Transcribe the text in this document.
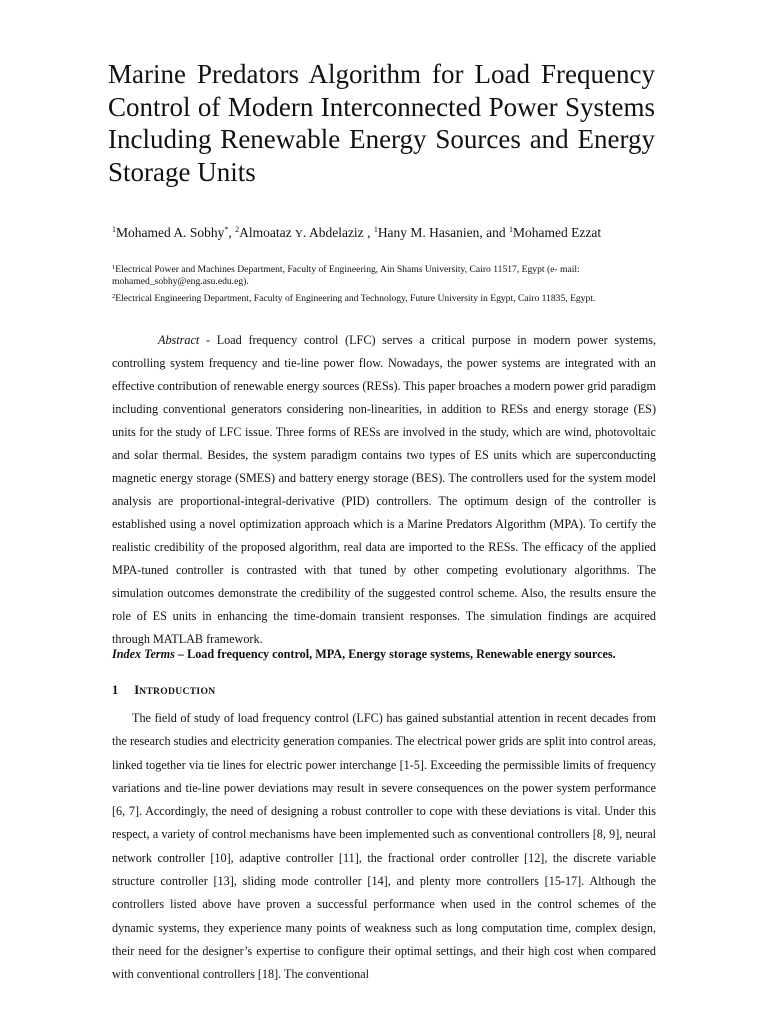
Marine Predators Algorithm for Load Frequency Control of Modern Interconnected Power Systems Including Renewable Energy Sources and Energy Storage Units

$^1$Mohamed A. Sobhy*, $^2$Almoataz Y. Abdelaziz , $^1$Hany M. Hasanien, and $^1$Mohamed Ezzat

$^1$Electrical Power and Machines Department, Faculty of Engineering, Ain Shams University, Cairo 11517, Egypt (e- mail: mohamed_sobhy@eng.asu.edu.eg).

$^2$Electrical Engineering Department, Faculty of Engineering and Technology, Future University in Egypt, Cairo 11835, Egypt.

Abstract - Load frequency control (LFC) serves a critical purpose in modern power systems, controlling system frequency and tie-line power flow. Nowadays, the power systems are integrated with an effective contribution of renewable energy sources (RESs). This paper broaches a modern power grid paradigm including conventional generators considering non-linearities, in addition to RESs and energy storage (ES) units for the study of LFC issue. Three forms of RESs are involved in the study, which are wind, photovoltaic and solar thermal. Besides, the system paradigm contains two types of ES units which are superconducting magnetic energy storage (SMES) and battery energy storage (BES). The controllers used for the system model analysis are proportional-integral-derivative (PID) controllers. The optimum design of the controller is established using a novel optimization approach which is a Marine Predators Algorithm (MPA). To certify the realistic credibility of the proposed algorithm, real data are imported to the RESs. The efficacy of the applied MPA-tuned controller is contrasted with that tuned by other competing evolutionary algorithms. The simulation outcomes demonstrate the credibility of the suggested control scheme. Also, the results ensure the role of ES units in enhancing the time-domain transient responses. The simulation findings are acquired through MATLAB framework.

Index Terms – Load frequency control, MPA, Energy storage systems, Renewable energy sources.

1 INTRODUCTION

The field of study of load frequency control (LFC) has gained substantial attention in recent decades from the research studies and electricity generation companies. The electrical power grids are split into control areas, linked together via tie lines for electric power interchange [1-5]. Exceeding the permissible limits of frequency variations and tie-line power deviations may result in severe consequences on the power system performance [6, 7]. Accordingly, the need of designing a robust controller to cope with these deviations is vital. Under this respect, a variety of control mechanisms have been implemented such as conventional controllers [8, 9], neural network controller [10], adaptive controller [11], the fractional order controller [12], the discrete variable structure controller [13], sliding mode controller [14], and plenty more controllers [15-17]. Although the controllers listed above have proven a successful performance when used in the control schemes of the dynamic systems, they experience many points of weakness such as long computation time, complex design, their need for the designer’s expertise to configure their optimal settings, and their high cost when compared with conventional controllers [18]. The conventional
